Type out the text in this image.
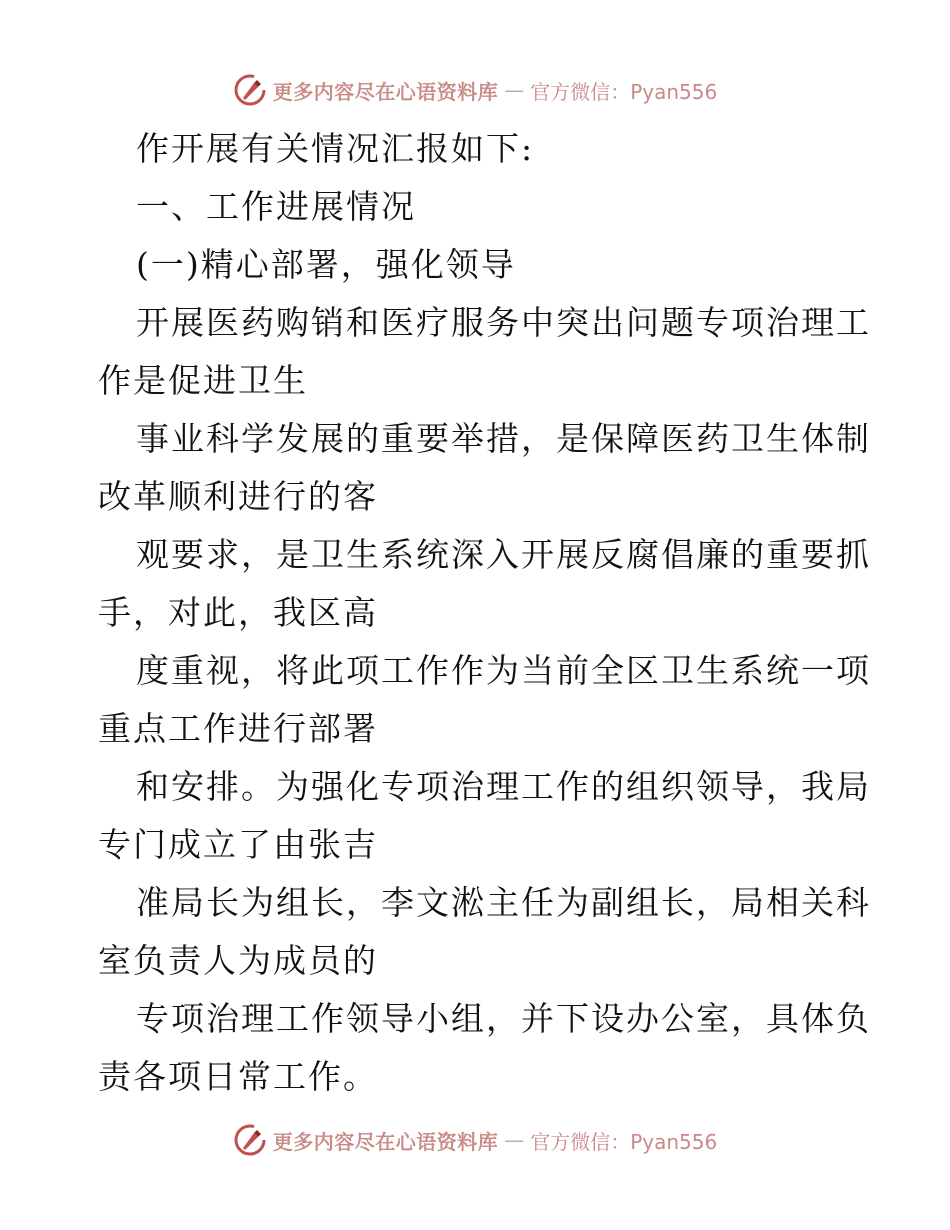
更多内容尽在心语资料库 — 官方微信：Pyan556
作开展有关情况汇报如下:
一、工作进展情况
(一)精心部署，强化领导
开展医药购销和医疗服务中突出问题专项治理工
作是促进卫生
事业科学发展的重要举措，是保障医药卫生体制
改革顺利进行的客
观要求，是卫生系统深入开展反腐倡廉的重要抓
手，对此，我区高
度重视，将此项工作作为当前全区卫生系统一项
重点工作进行部署
和安排。为强化专项治理工作的组织领导，我局
专门成立了由张吉
准局长为组长，李文淞主任为副组长，局相关科
室负责人为成员的
专项治理工作领导小组，并下设办公室，具体负
责各项日常工作。
更多内容尽在心语资料库 — 官方微信：Pyan556
